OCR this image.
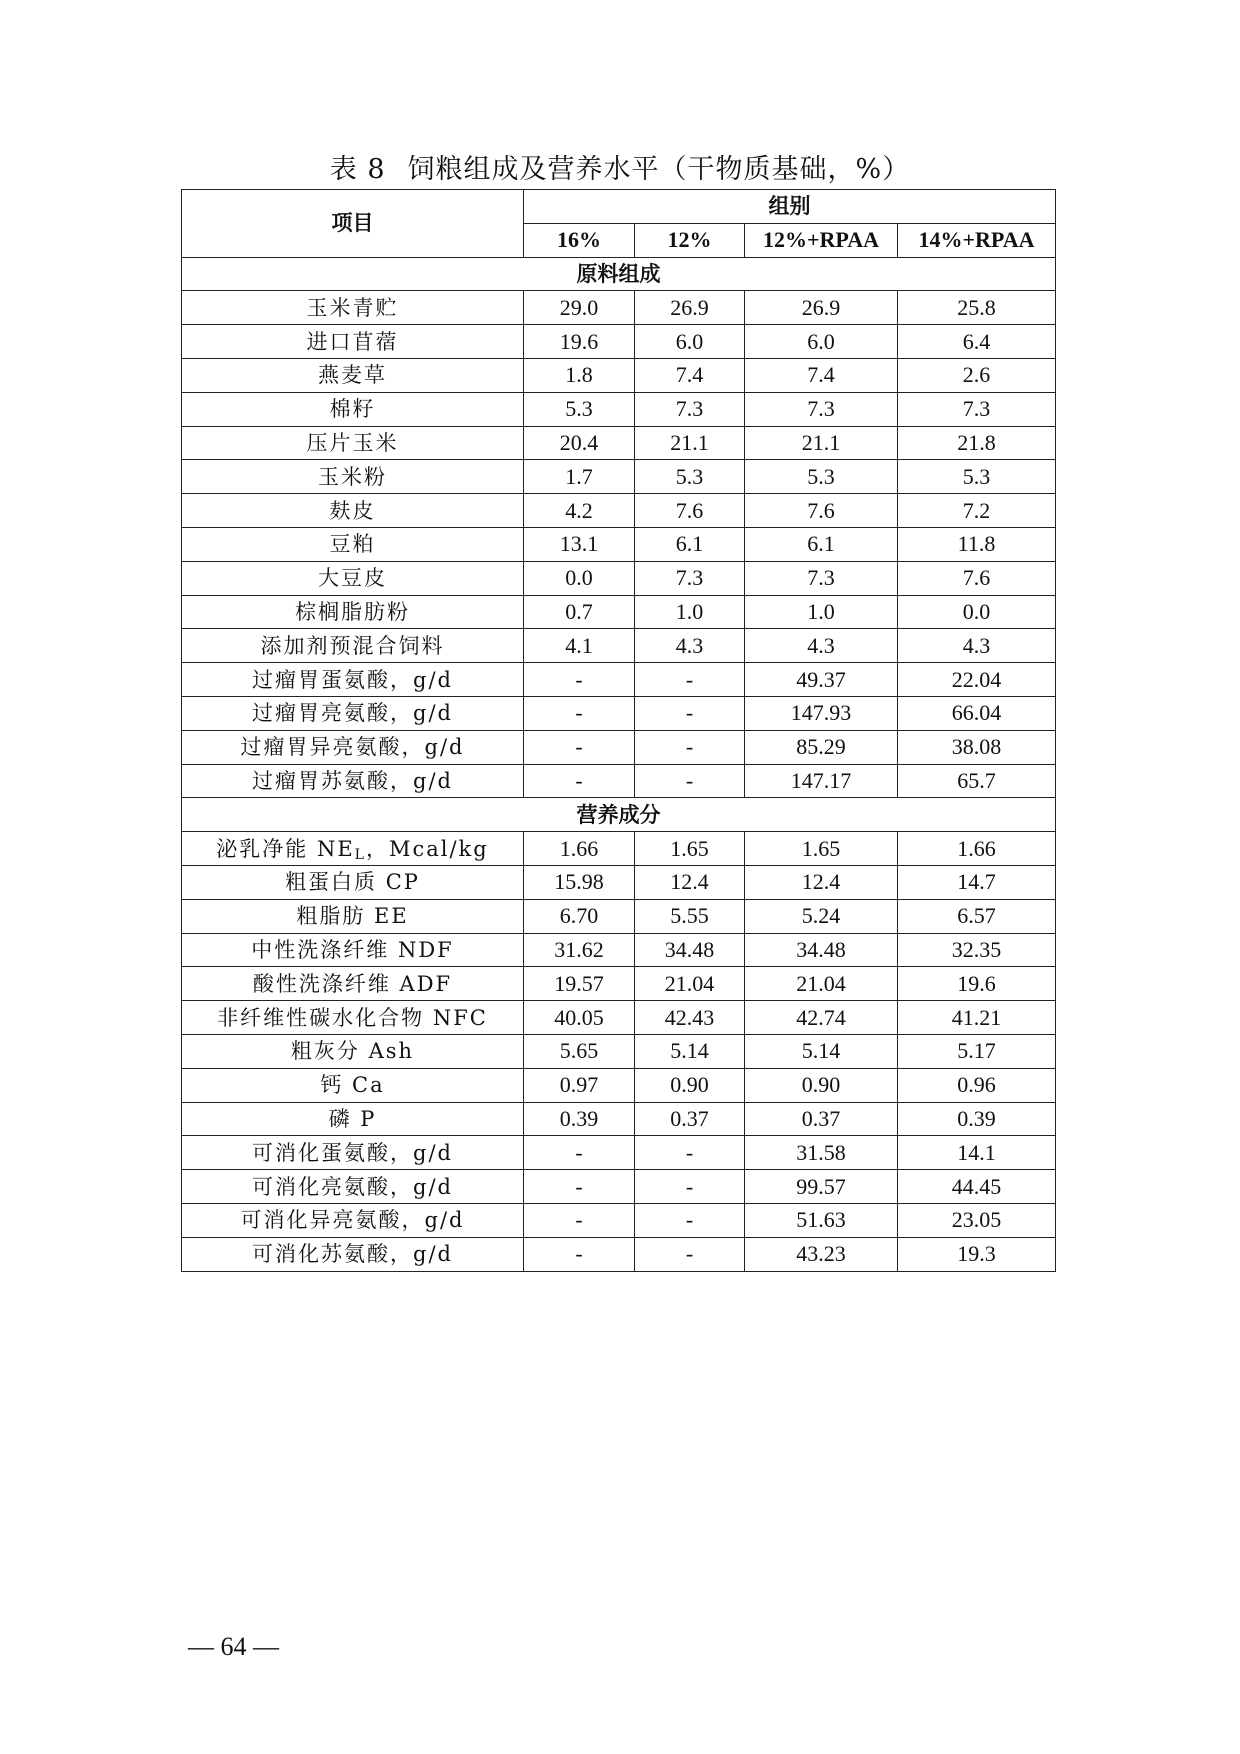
表 8 饲粮组成及营养水平（干物质基础，%）
项目	组别			
	16%	12%	12%+RPAA	14%+RPAA
原料组成				
玉米青贮	29.0	26.9	26.9	25.8
进口苜蓿	19.6	6.0	6.0	6.4
燕麦草	1.8	7.4	7.4	2.6
棉籽	5.3	7.3	7.3	7.3
压片玉米	20.4	21.1	21.1	21.8
玉米粉	1.7	5.3	5.3	5.3
麸皮	4.2	7.6	7.6	7.2
豆粕	13.1	6.1	6.1	11.8
大豆皮	0.0	7.3	7.3	7.6
棕榈脂肪粉	0.7	1.0	1.0	0.0
添加剂预混合饲料	4.1	4.3	4.3	4.3
过瘤胃蛋氨酸，g/d	-	-	49.37	22.04
过瘤胃亮氨酸，g/d	-	-	147.93	66.04
过瘤胃异亮氨酸，g/d	-	-	85.29	38.08
过瘤胃苏氨酸，g/d	-	-	147.17	65.7
营养成分				
泌乳净能 $NE_L$，Mcal/kg	1.66	1.65	1.65	1.66
粗蛋白质 CP	15.98	12.4	12.4	14.7
粗脂肪 EE	6.70	5.55	5.24	6.57
中性洗涤纤维 NDF	31.62	34.48	34.48	32.35
酸性洗涤纤维 ADF	19.57	21.04	21.04	19.6
非纤维性碳水化合物 NFC	40.05	42.43	42.74	41.21
粗灰分 Ash	5.65	5.14	5.14	5.17
钙 Ca	0.97	0.90	0.90	0.96
磷 P	0.39	0.37	0.37	0.39
可消化蛋氨酸，g/d	-	-	31.58	14.1
可消化亮氨酸，g/d	-	-	99.57	44.45
可消化异亮氨酸，g/d	-	-	51.63	23.05
可消化苏氨酸，g/d	-	-	43.23	19.3
— 64 —
